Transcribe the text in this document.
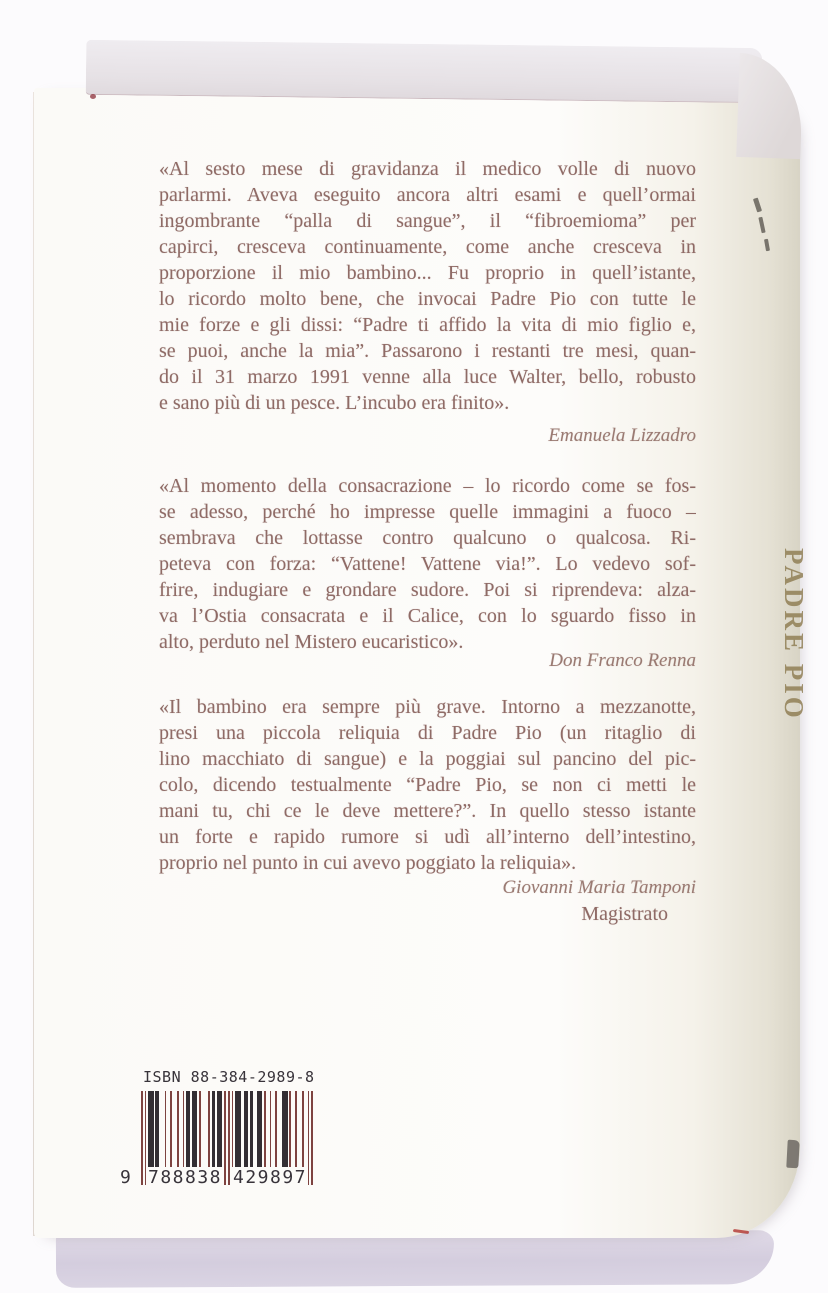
«Al sesto mese di gravidanza il medico volle di nuovo
parlarmi. Aveva eseguito ancora altri esami e quell’ormai
ingombrante “palla di sangue”, il “fibroemioma” per
capirci, cresceva continuamente, come anche cresceva in
proporzione il mio bambino... Fu proprio in quell’istante,
lo ricordo molto bene, che invocai Padre Pio con tutte le
mie forze e gli dissi: “Padre ti affido la vita di mio figlio e,
se puoi, anche la mia”. Passarono i restanti tre mesi, quan-
do il 31 marzo 1991 venne alla luce Walter, bello, robusto
e sano più di un pesce. L’incubo era finito».
Emanuela Lizzadro
«Al momento della consacrazione – lo ricordo come se fos-
se adesso, perché ho impresse quelle immagini a fuoco –
sembrava che lottasse contro qualcuno o qualcosa. Ri-
peteva con forza: “Vattene! Vattene via!”. Lo vedevo sof-
frire, indugiare e grondare sudore. Poi si riprendeva: alza-
va l’Ostia consacrata e il Calice, con lo sguardo fisso in
alto, perduto nel Mistero eucaristico».
Don Franco Renna
«Il bambino era sempre più grave. Intorno a mezzanotte,
presi una piccola reliquia di Padre Pio (un ritaglio di
lino macchiato di sangue) e la poggiai sul pancino del pic-
colo, dicendo testualmente “Padre Pio, se non ci metti le
mani tu, chi ce le deve mettere?”. In quello stesso istante
un forte e rapido rumore si udì all’interno dell’intestino,
proprio nel punto in cui avevo poggiato la reliquia».
Giovanni Maria Tamponi
Magistrato
ISBN 88-384-2989-8
9 788838 429897
PADRE PIO
